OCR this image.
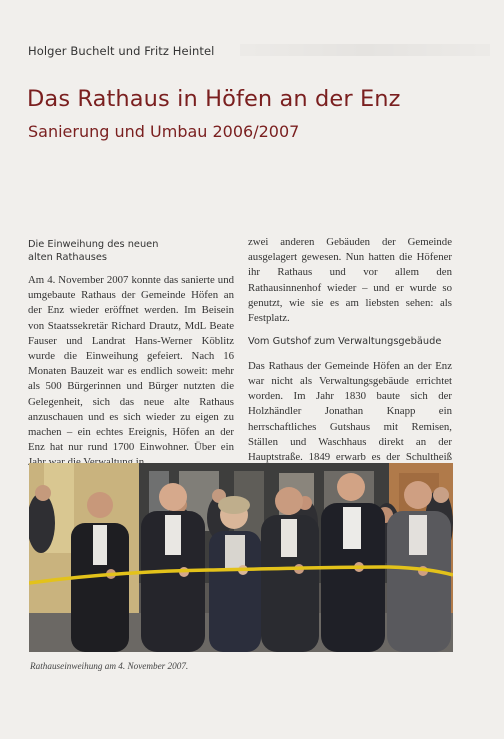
Holger Buchelt und Fritz Heintel
Das Rathaus in Höfen an der Enz
Sanierung und Umbau 2006/2007
Die Einweihung des neuen
alten Rathauses

Am 4. November 2007 konnte das sanierte und umgebaute Rathaus der Gemeinde Höfen an der Enz wieder eröffnet werden. Im Beisein von Staatssekretär Richard Drautz, MdL Beate Fauser und Landrat Hans-Werner Köblitz wurde die Einweihung gefeiert. Nach 16 Monaten Bauzeit war es endlich soweit: mehr als 500 Bürgerinnen und Bürger nutzten die Gelegenheit, sich das neue alte Rathaus anzuschauen und es sich wieder zu eigen zu machen – ein echtes Ereignis, Höfen an der Enz hat nur rund 1700 Einwohner. Über ein

zwei anderen Gebäuden der Gemeinde ausgelagert gewesen. Nun hatten die Höfener ihr Rathaus und vor allem den Rathausinnenhof wieder – und er wurde so genutzt, wie sie es am liebsten sehen: als Festplatz.

Vom Gutshof zum Verwaltungsgebäude

Das Rathaus der Gemeinde Höfen an der Enz war nicht als Verwaltungsgebäude errichtet worden. Im Jahr 1830 baute sich der Holzhändler Jonathan Knapp ein herrschaftliches Gutshaus mit Remisen, Ställen und Waschhaus direkt an der Hauptstraße. 1849 erwarb es der Schultheiß

Rathauseinweihung am 4. November 2007.
